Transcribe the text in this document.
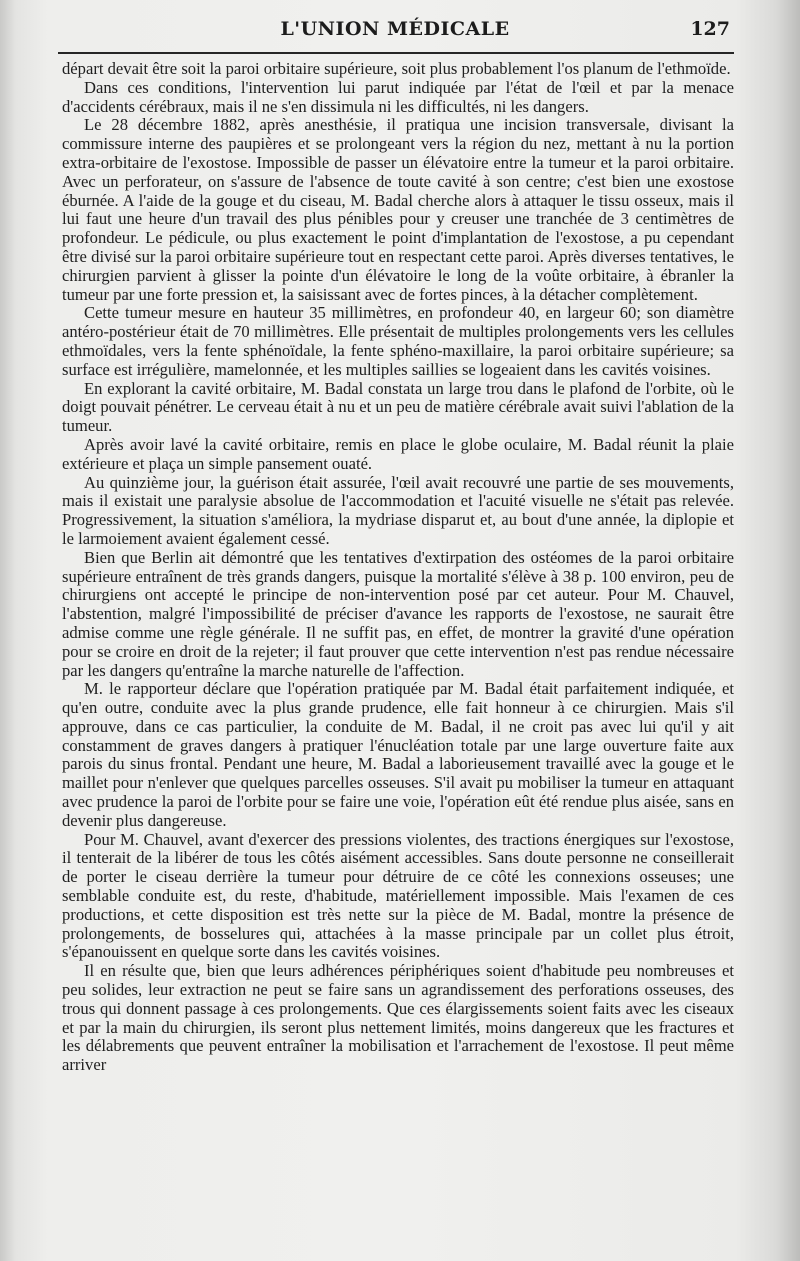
L'UNION MÉDICALE	127

départ devait être soit la paroi orbitaire supérieure, soit plus probablement l'os planum de l'ethmoïde.

Dans ces conditions, l'intervention lui parut indiquée par l'état de l'œil et par la menace d'accidents cérébraux, mais il ne s'en dissimula ni les difficultés, ni les dangers.

Le 28 décembre 1882, après anesthésie, il pratiqua une incision transversale, divisant la commissure interne des paupières et se prolongeant vers la région du nez, mettant à nu la portion extra-orbitaire de l'exostose. Impossible de passer un élévatoire entre la tumeur et la paroi orbitaire. Avec un perforateur, on s'assure de l'absence de toute cavité à son centre; c'est bien une exostose éburnée. A l'aide de la gouge et du ciseau, M. Badal cherche alors à attaquer le tissu osseux, mais il lui faut une heure d'un travail des plus pénibles pour y creuser une tranchée de 3 centimètres de profondeur. Le pédicule, ou plus exactement le point d'implantation de l'exostose, a pu cependant être divisé sur la paroi orbitaire supérieure tout en respectant cette paroi. Après diverses tentatives, le chirurgien parvient à glisser la pointe d'un élévatoire le long de la voûte orbitaire, à ébranler la tumeur par une forte pression et, la saisissant avec de fortes pinces, à la détacher complètement.

Cette tumeur mesure en hauteur 35 millimètres, en profondeur 40, en largeur 60; son diamètre antéro-postérieur était de 70 millimètres. Elle présentait de multiples prolongements vers les cellules ethmoïdales, vers la fente sphénoïdale, la fente sphéno-maxillaire, la paroi orbitaire supérieure; sa surface est irrégulière, mamelonnée, et les multiples saillies se logeaient dans les cavités voisines.

En explorant la cavité orbitaire, M. Badal constata un large trou dans le plafond de l'orbite, où le doigt pouvait pénétrer. Le cerveau était à nu et un peu de matière cérébrale avait suivi l'ablation de la tumeur.

Après avoir lavé la cavité orbitaire, remis en place le globe oculaire, M. Badal réunit la plaie extérieure et plaça un simple pansement ouaté.

Au quinzième jour, la guérison était assurée, l'œil avait recouvré une partie de ses mouvements, mais il existait une paralysie absolue de l'accommodation et l'acuité visuelle ne s'était pas relevée. Progressivement, la situation s'améliora, la mydriase disparut et, au bout d'une année, la diplopie et le larmoiement avaient également cessé.

Bien que Berlin ait démontré que les tentatives d'extirpation des ostéomes de la paroi orbitaire supérieure entraînent de très grands dangers, puisque la mortalité s'élève à 38 p. 100 environ, peu de chirurgiens ont accepté le principe de non-intervention posé par cet auteur. Pour M. Chauvel, l'abstention, malgré l'impossibilité de préciser d'avance les rapports de l'exostose, ne saurait être admise comme une règle générale. Il ne suffit pas, en effet, de montrer la gravité d'une opération pour se croire en droit de la rejeter; il faut prouver que cette intervention n'est pas rendue nécessaire par les dangers qu'entraîne la marche naturelle de l'affection.

M. le rapporteur déclare que l'opération pratiquée par M. Badal était parfaitement indiquée, et qu'en outre, conduite avec la plus grande prudence, elle fait honneur à ce chirurgien. Mais s'il approuve, dans ce cas particulier, la conduite de M. Badal, il ne croit pas avec lui qu'il y ait constamment de graves dangers à pratiquer l'énucléation totale par une large ouverture faite aux parois du sinus frontal. Pendant une heure, M. Badal a laborieusement travaillé avec la gouge et le maillet pour n'enlever que quelques parcelles osseuses. S'il avait pu mobiliser la tumeur en attaquant avec prudence la paroi de l'orbite pour se faire une voie, l'opération eût été rendue plus aisée, sans en devenir plus dangereuse.

Pour M. Chauvel, avant d'exercer des pressions violentes, des tractions énergiques sur l'exostose, il tenterait de la libérer de tous les côtés aisément accessibles. Sans doute personne ne conseillerait de porter le ciseau derrière la tumeur pour détruire de ce côté les connexions osseuses; une semblable conduite est, du reste, d'habitude, matériellement impossible. Mais l'examen de ces productions, et cette disposition est très nette sur la pièce de M. Badal, montre la présence de prolongements, de bosselures qui, attachées à la masse principale par un collet plus étroit, s'épanouissent en quelque sorte dans les cavités voisines.

Il en résulte que, bien que leurs adhérences périphériques soient d'habitude peu nombreuses et peu solides, leur extraction ne peut se faire sans un agrandissement des perforations osseuses, des trous qui donnent passage à ces prolongements. Que ces élargissements soient faits avec les ciseaux et par la main du chirurgien, ils seront plus nettement limités, moins dangereux que les fractures et les délabrements que peuvent entraîner la mobilisation et l'arrachement de l'exostose. Il peut même arriver
